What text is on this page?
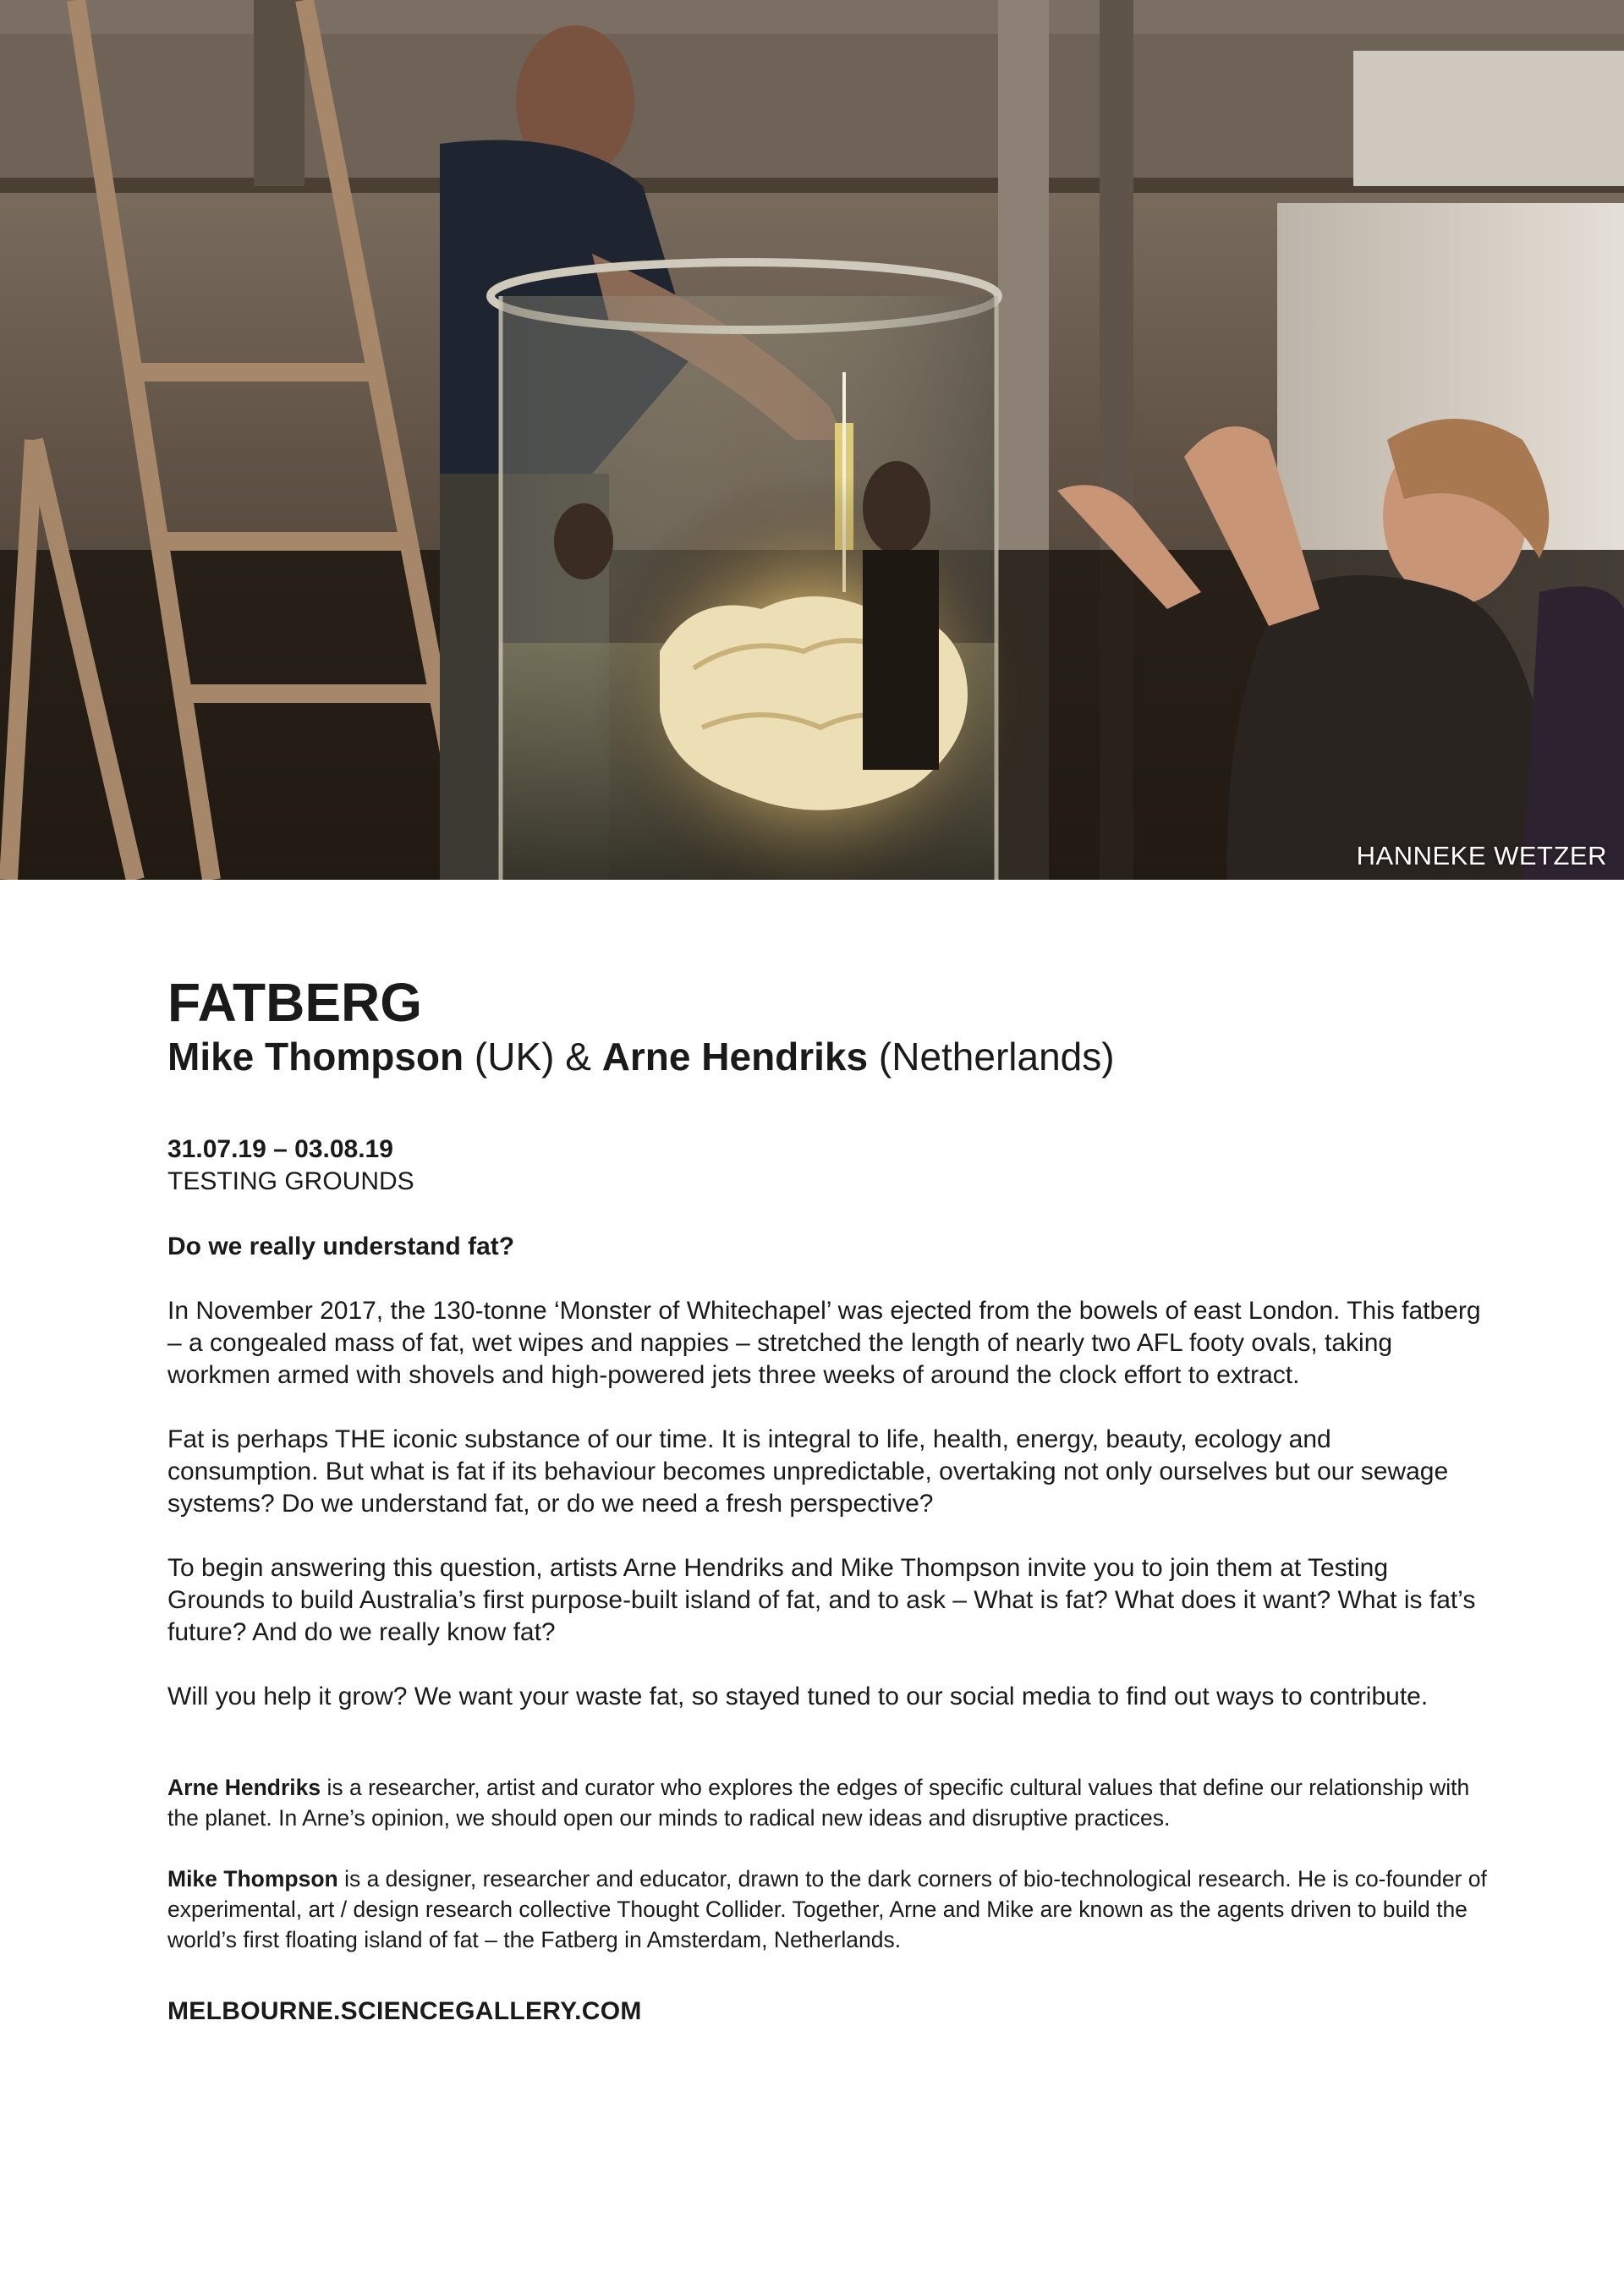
HANNEKE WETZER
FATBERG

Mike Thompson (UK) & Arne Hendriks (Netherlands)

31.07.19 – 03.08.19
TESTING GROUNDS
Do we really understand fat?
In November 2017, the 130-tonne ‘Monster of Whitechapel’ was ejected from the bowels of east London. This fatberg – a congealed mass of fat, wet wipes and nappies – stretched the length of nearly two AFL footy ovals, taking workmen armed with shovels and high-powered jets three weeks of around the clock effort to extract.
Fat is perhaps THE iconic substance of our time. It is integral to life, health, energy, beauty, ecology and consumption. But what is fat if its behaviour becomes unpredictable, overtaking not only ourselves but our sewage systems? Do we understand fat, or do we need a fresh perspective?
To begin answering this question, artists Arne Hendriks and Mike Thompson invite you to join them at Testing Grounds to build Australia’s first purpose-built island of fat, and to ask – What is fat? What does it want? What is fat’s future? And do we really know fat?
Will you help it grow? We want your waste fat, so stayed tuned to our social media to find out ways to contribute.
Arne Hendriks is a researcher, artist and curator who explores the edges of specific cultural values that define our relationship with the planet. In Arne’s opinion, we should open our minds to radical new ideas and disruptive practices.
Mike Thompson is a designer, researcher and educator, drawn to the dark corners of bio-technological research. He is co-founder of experimental, art / design research collective Thought Collider. Together, Arne and Mike are known as the agents driven to build the world’s first floating island of fat – the Fatberg in Amsterdam, Netherlands.
MELBOURNE.SCIENCEGALLERY.COM
